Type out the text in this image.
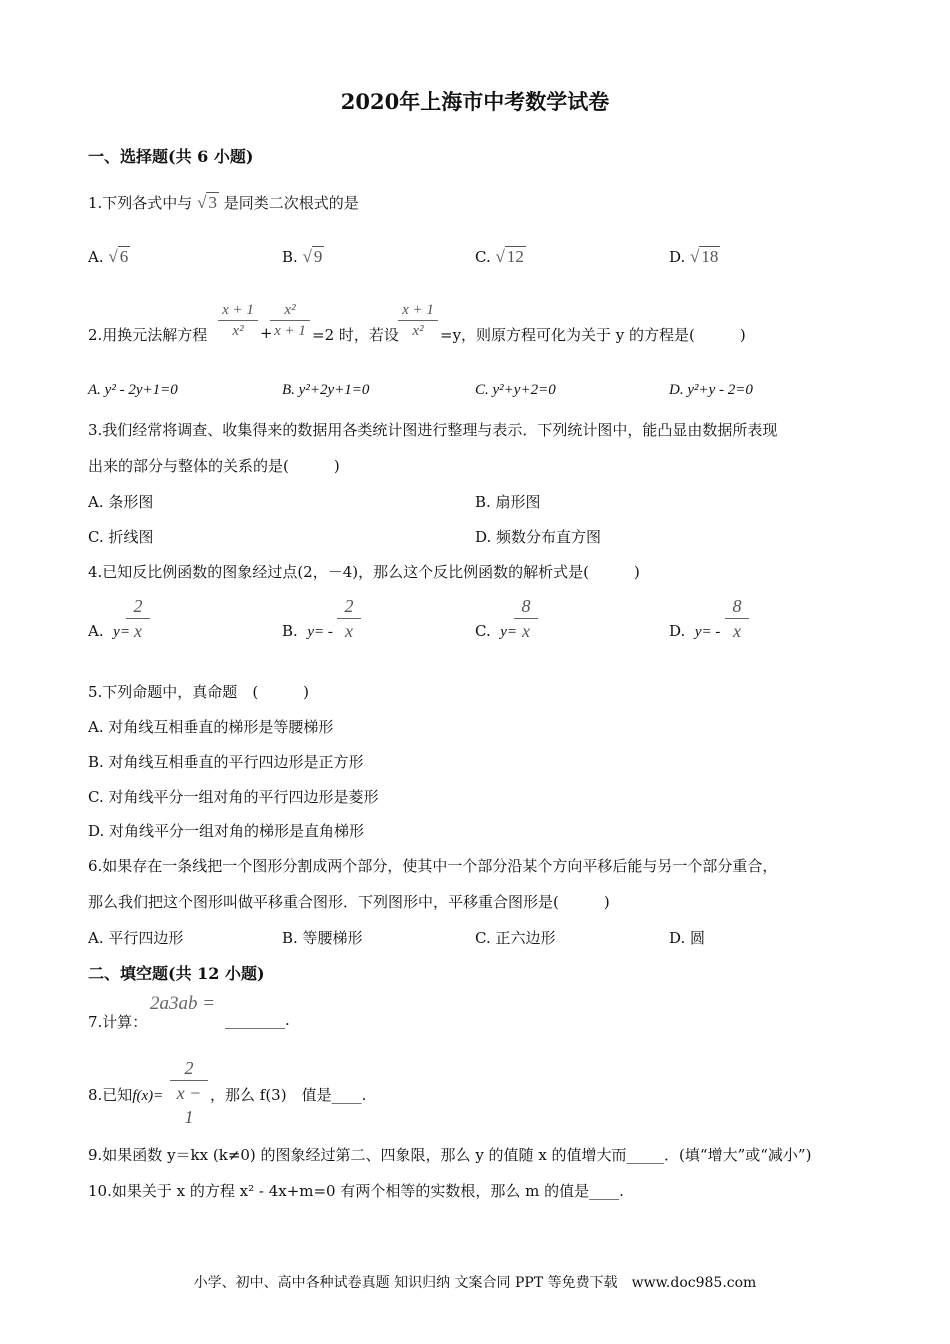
2020年上海市中考数学试卷
一、选择题(共 6 小题)
1.下列各式中与 √ 3 是同类二次根式的是
A. √ 6	B. √ 9	C. √ 12	D. √ 18
2.用换元法解方程 $\frac{x + 1}{\text{x²}}$ +
$\frac{\text{x²}}{x + 1} =2$ 时，若设 $\frac{x + 1}{\text{x²}} =y$，则原方程可化为关于 y 的方程是(　　　)
A. y² - 2y+1=0	B. y²+2y+1=0	C. y²+y+2=0	D. y²+y - 2=0
3.我们经常将调查、收集得来的数据用各类统计图进行整理与表示．下列统计图中，能凸显由数据所表现
出来的部分与整体的关系的是(　　　)
A. 条形图	B. 扇形图
C. 折线图	D. 频数分布直方图
4.已知反比例函数的图象经过点(2，－4)，那么这个反比例函数的解析式是(　　　)
A. y=
$\frac{2}{x}$	B. $y= - \frac{2}{x}$	C. y=
$\frac{8}{x}$	D. $y= - \frac{8}{x}$
5.下列命题中，真命题　(　　　)
A. 对角线互相垂直的梯形是等腰梯形
B. 对角线互相垂直的平行四边形是正方形
C. 对角线平分一组对角的平行四边形是菱形
D. 对角线平分一组对角的梯形是直角梯形
6.如果存在一条线把一个图形分割成两个部分，使其中一个部分沿某个方向平移后能与另一个部分重合，
那么我们把这个图形叫做平移重合图形．下列图形中，平移重合图形是(　　　)
A. 平行四边形	B. 等腰梯形	C. 正六边形	D. 圆
二、填空题(共 12 小题)
7.计算：
2a3ab =
________.
8.已知$f(x)= \frac{2}{x - 1}$ ，那么 f(3)　值是____.
9.如果函数 y＝kx (k≠0) 的图象经过第二、四象限，那么 y 的值随 x 的值增大而_____．(填“增大”或“减小”)
10.如果关于 x 的方程 x² - 4x+m=0 有两个相等的实数根，那么 m 的值是____.
小学、初中、高中各种试卷真题 知识归纳 文案合同 PPT 等免费下载　www.doc985.com
